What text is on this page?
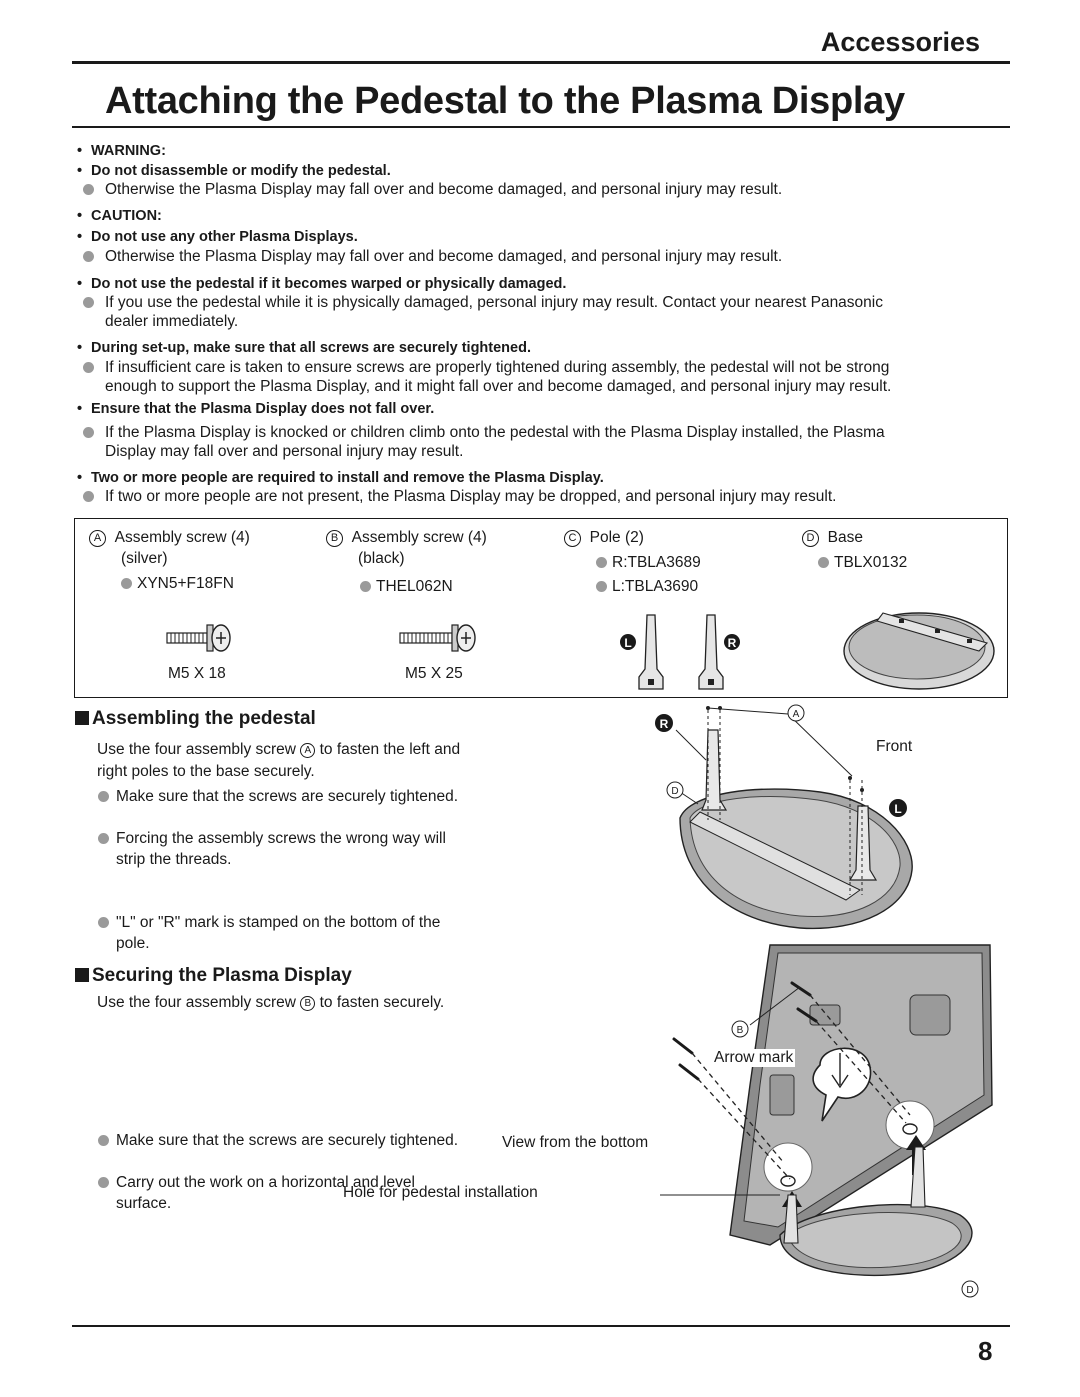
Accessories
Attaching the Pedestal to the Plasma Display
• WARNING:
• Do not disassemble or modify the pedestal.
Otherwise the Plasma Display may fall over and become damaged, and personal injury may result.
• CAUTION:
• Do not use any other Plasma Displays.
Otherwise the Plasma Display may fall over and become damaged, and personal injury may result.
• Do not use the pedestal if it becomes warped or physically damaged.
If you use the pedestal while it is physically damaged, personal injury may result. Contact your nearest Panasonic
dealer immediately.
• During set-up, make sure that all screws are securely tightened.
If insufficient care is taken to ensure screws are properly tightened during assembly, the pedestal will not be strong
enough to support the Plasma Display, and it might fall over and become damaged, and personal injury may result.
• Ensure that the Plasma Display does not fall over.
If the Plasma Display is knocked or children climb onto the pedestal with the Plasma Display installed, the Plasma
Display may fall over and personal injury may result.
• Two or more people are required to install and remove the Plasma Display.
If two or more people are not present, the Plasma Display may be dropped, and personal injury may result.
A Assembly screw (4)
(silver)
XYN5+F18FN
B Assembly screw (4)
(black)
THEL062N
C Pole (2)
R:TBLA3689
L:TBLA3690
D Base
TBLX0132
M5 X 18	M5 X 25
L	R
Assembling the pedestal
Use the four assembly screw A to fasten the left and
right poles to the base securely.
Make sure that the screws are securely tightened.
Forcing the assembly screws the wrong way will
strip the threads.
"L" or "R" mark is stamped on the bottom of the
pole.
R
L
A
D
Front
Securing the Plasma Display
Use the four assembly screw B to fasten securely.
Make sure that the screws are securely tightened.
Carry out the work on a horizontal and level
surface.
B
D
Arrow mark
View from the bottom
Hole for pedestal installation
8
